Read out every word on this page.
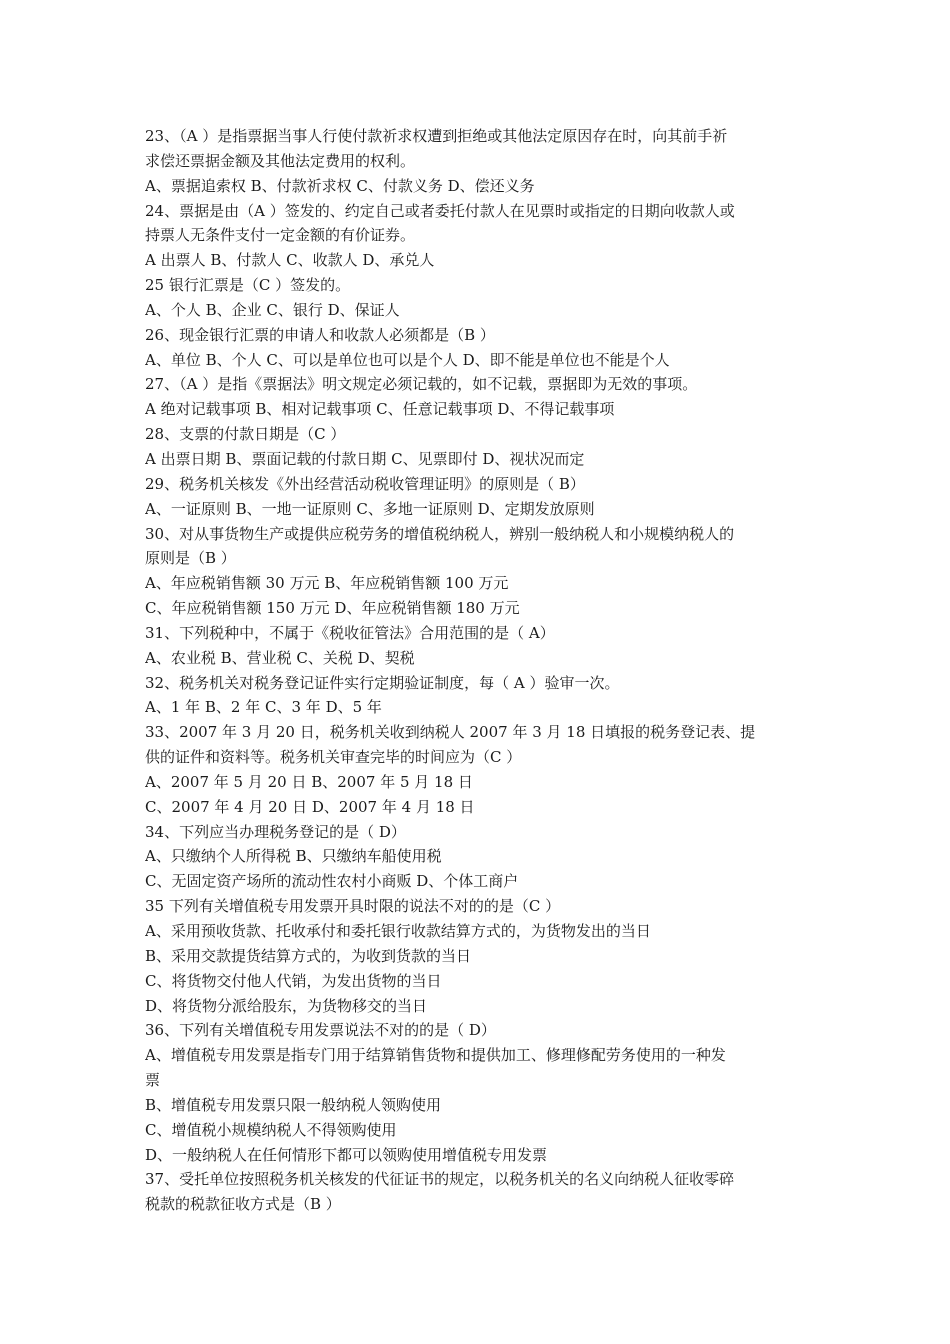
23、（A ）是指票据当事人行使付款祈求权遭到拒绝或其他法定原因存在时，向其前手祈
求偿还票据金额及其他法定费用的权利。
A、票据追索权 B、付款祈求权 C、付款义务 D、偿还义务
24、票据是由（A ）签发的、约定自己或者委托付款人在见票时或指定的日期向收款人或
持票人无条件支付一定金额的有价证券。
A 出票人 B、付款人 C、收款人 D、承兑人
25 银行汇票是（C ）签发的。
A、个人 B、企业 C、银行 D、保证人
26、现金银行汇票的申请人和收款人必须都是（B ）
A、单位 B、个人 C、可以是单位也可以是个人 D、即不能是单位也不能是个人
27、（A ）是指《票据法》明文规定必须记载的，如不记载，票据即为无效的事项。
A 绝对记载事项 B、相对记载事项 C、任意记载事项 D、不得记载事项
28、支票的付款日期是（C ）
A 出票日期 B、票面记载的付款日期 C、见票即付 D、视状况而定
29、税务机关核发《外出经营活动税收管理证明》的原则是（ B）
A、一证原则 B、一地一证原则 C、多地一证原则 D、定期发放原则
30、对从事货物生产或提供应税劳务的增值税纳税人，辨别一般纳税人和小规模纳税人的
原则是（B ）
A、年应税销售额 30 万元 B、年应税销售额 100 万元
C、年应税销售额 150 万元 D、年应税销售额 180 万元
31、下列税种中，不属于《税收征管法》合用范围的是（ A）
A、农业税 B、营业税 C、关税 D、契税
32、税务机关对税务登记证件实行定期验证制度，每（ A ）验审一次。
A、1 年 B、2 年 C、3 年 D、5 年
33、2007 年 3 月 20 日，税务机关收到纳税人 2007 年 3 月 18 日填报的税务登记表、提
供的证件和资料等。税务机关审查完毕的时间应为（C ）
A、2007 年 5 月 20 日 B、2007 年 5 月 18 日
C、2007 年 4 月 20 日 D、2007 年 4 月 18 日
34、下列应当办理税务登记的是（ D）
A、只缴纳个人所得税 B、只缴纳车船使用税
C、无固定资产场所的流动性农村小商贩 D、个体工商户
35 下列有关增值税专用发票开具时限的说法不对的的是（C ）
A、采用预收货款、托收承付和委托银行收款结算方式的，为货物发出的当日
B、采用交款提货结算方式的，为收到货款的当日
C、将货物交付他人代销，为发出货物的当日
D、将货物分派给股东，为货物移交的当日
36、下列有关增值税专用发票说法不对的的是（ D）
A、增值税专用发票是指专门用于结算销售货物和提供加工、修理修配劳务使用的一种发
票
B、增值税专用发票只限一般纳税人领购使用
C、增值税小规模纳税人不得领购使用
D、一般纳税人在任何情形下都可以领购使用增值税专用发票
37、受托单位按照税务机关核发的代征证书的规定，以税务机关的名义向纳税人征收零碎
税款的税款征收方式是（B ）
